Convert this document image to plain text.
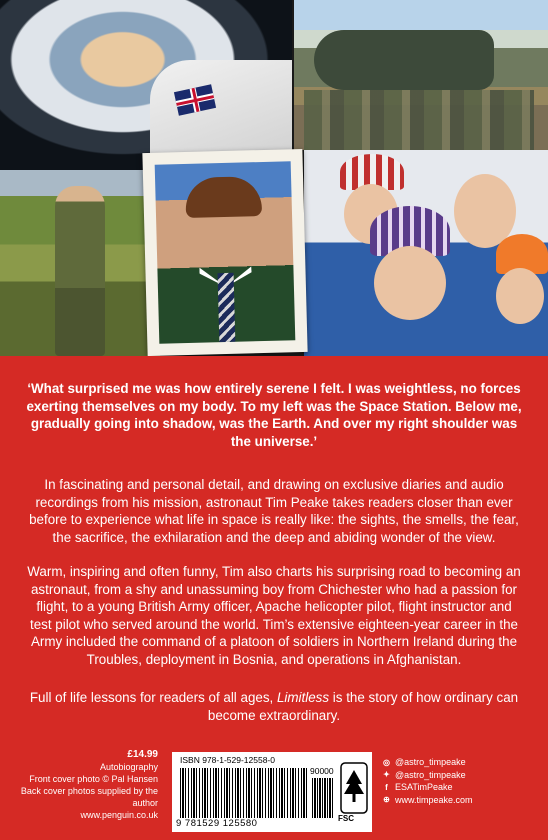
‘What surprised me was how entirely serene I felt. I was weightless, no forces exerting themselves on my body. To my left was the Space Station. Below me, gradually going into shadow, was the Earth. And over my right shoulder was the universe.’
In fascinating and personal detail, and drawing on exclusive diaries and audio recordings from his mission, astronaut Tim Peake takes readers closer than ever before to experience what life in space is really like: the sights, the smells, the fear, the sacrifice, the exhilaration and the deep and abiding wonder of the view.
Warm, inspiring and often funny, Tim also charts his surprising road to becoming an astronaut, from a shy and unassuming boy from Chichester who had a passion for flight, to a young British Army officer, Apache helicopter pilot, flight instructor and test pilot who served around the world. Tim’s extensive eighteen-year career in the Army included the command of a platoon of soldiers in Northern Ireland during the Troubles, deployment in Bosnia, and operations in Afghanistan.
Full of life lessons for readers of all ages, Limitless is the story of how ordinary can become extraordinary.
£14.99
Autobiography
Front cover photo © Pal Hansen
Back cover photos supplied by the author
www.penguin.co.uk
ISBN 978-1-529-12558-0
90000
9 781529 125580	FSC
◎ @astro_timpeake
✦ @astro_timpeake
f ESATimPeake
⊕ www.timpeake.com
